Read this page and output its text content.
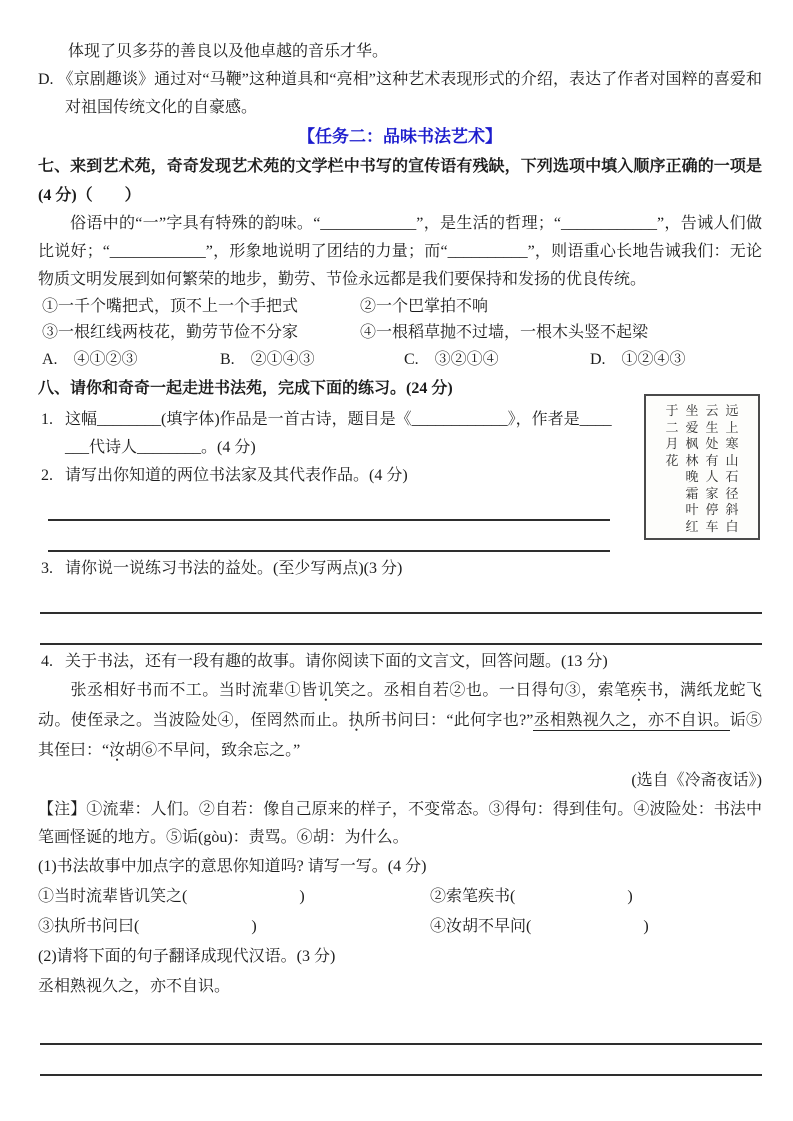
体现了贝多芬的善良以及他卓越的音乐才华。
D. 《京剧趣谈》通过对“马鞭”这种道具和“亮相”这种艺术表现形式的介绍，表达了作者对国粹的喜爱和对祖国传统文化的自豪感。
【任务二：品味书法艺术】
七、来到艺术苑，奇奇发现艺术苑的文学栏中书写的宣传语有残缺，下列选项中填入顺序正确的一项是(4 分)（　　）
俗语中的“一”字具有特殊的韵味。“____________”，是生活的哲理；“____________”，告诫人们做比说好；“____________”，形象地说明了团结的力量；而“__________”，则语重心长地告诫我们：无论物质文明发展到如何繁荣的地步，勤劳、节俭永远都是我们要保持和发扬的优良传统。
①一千个嘴把式，顶不上一个手把式	②一个巴掌拍不响
③一根红线两枝花，勤劳节俭不分家	④一根稻草抛不过墙，一根木头竖不起梁
A.　④①②③	B.　②①④③	C.　③②①④	D.　①②④③
八、请你和奇奇一起走进书法苑，完成下面的练习。(24 分)
远
上
寒
山
石
径
斜
白
云
生
处
有
人
家
停
车
坐
爱
枫
林
晚
霜
叶
红
于
二
月
花
1. 这幅________(填字体)作品是一首古诗，题目是《____________》，作者是____
___代诗人________。(4 分)
2. 请写出你知道的两位书法家及其代表作品。(4 分)
3. 请你说一说练习书法的益处。(至少写两点)(3 分)
4. 关于书法，还有一段有趣的故事。请你阅读下面的文言文，回答问题。(13 分)
张丞相好书而不工。当时流辈①皆讥笑之。丞相自若②也。一日得句③，索笔疾书，满纸龙蛇飞动。使侄录之。当波险处④，侄罔然而止。执所书问曰：“此何字也?”丞相熟视久之，亦不自识。诟⑤其侄曰：“汝胡⑥不早问，致余忘之。”
(选自《冷斋夜话》)
【注】①流辈：人们。②自若：像自己原来的样子，不变常态。③得句：得到佳句。④波险处：书法中笔画怪诞的地方。⑤诟(gòu)：责骂。⑥胡：为什么。
(1)书法故事中加点字的意思你知道吗? 请写一写。(4 分)
①当时流辈皆讥笑之(　　　　　　　)	②索笔疾书(　　　　　　　)
③执所书问曰(　　　　　　　)	④汝胡不早问(　　　　　　　)
(2)请将下面的句子翻译成现代汉语。(3 分)
丞相熟视久之，亦不自识。
